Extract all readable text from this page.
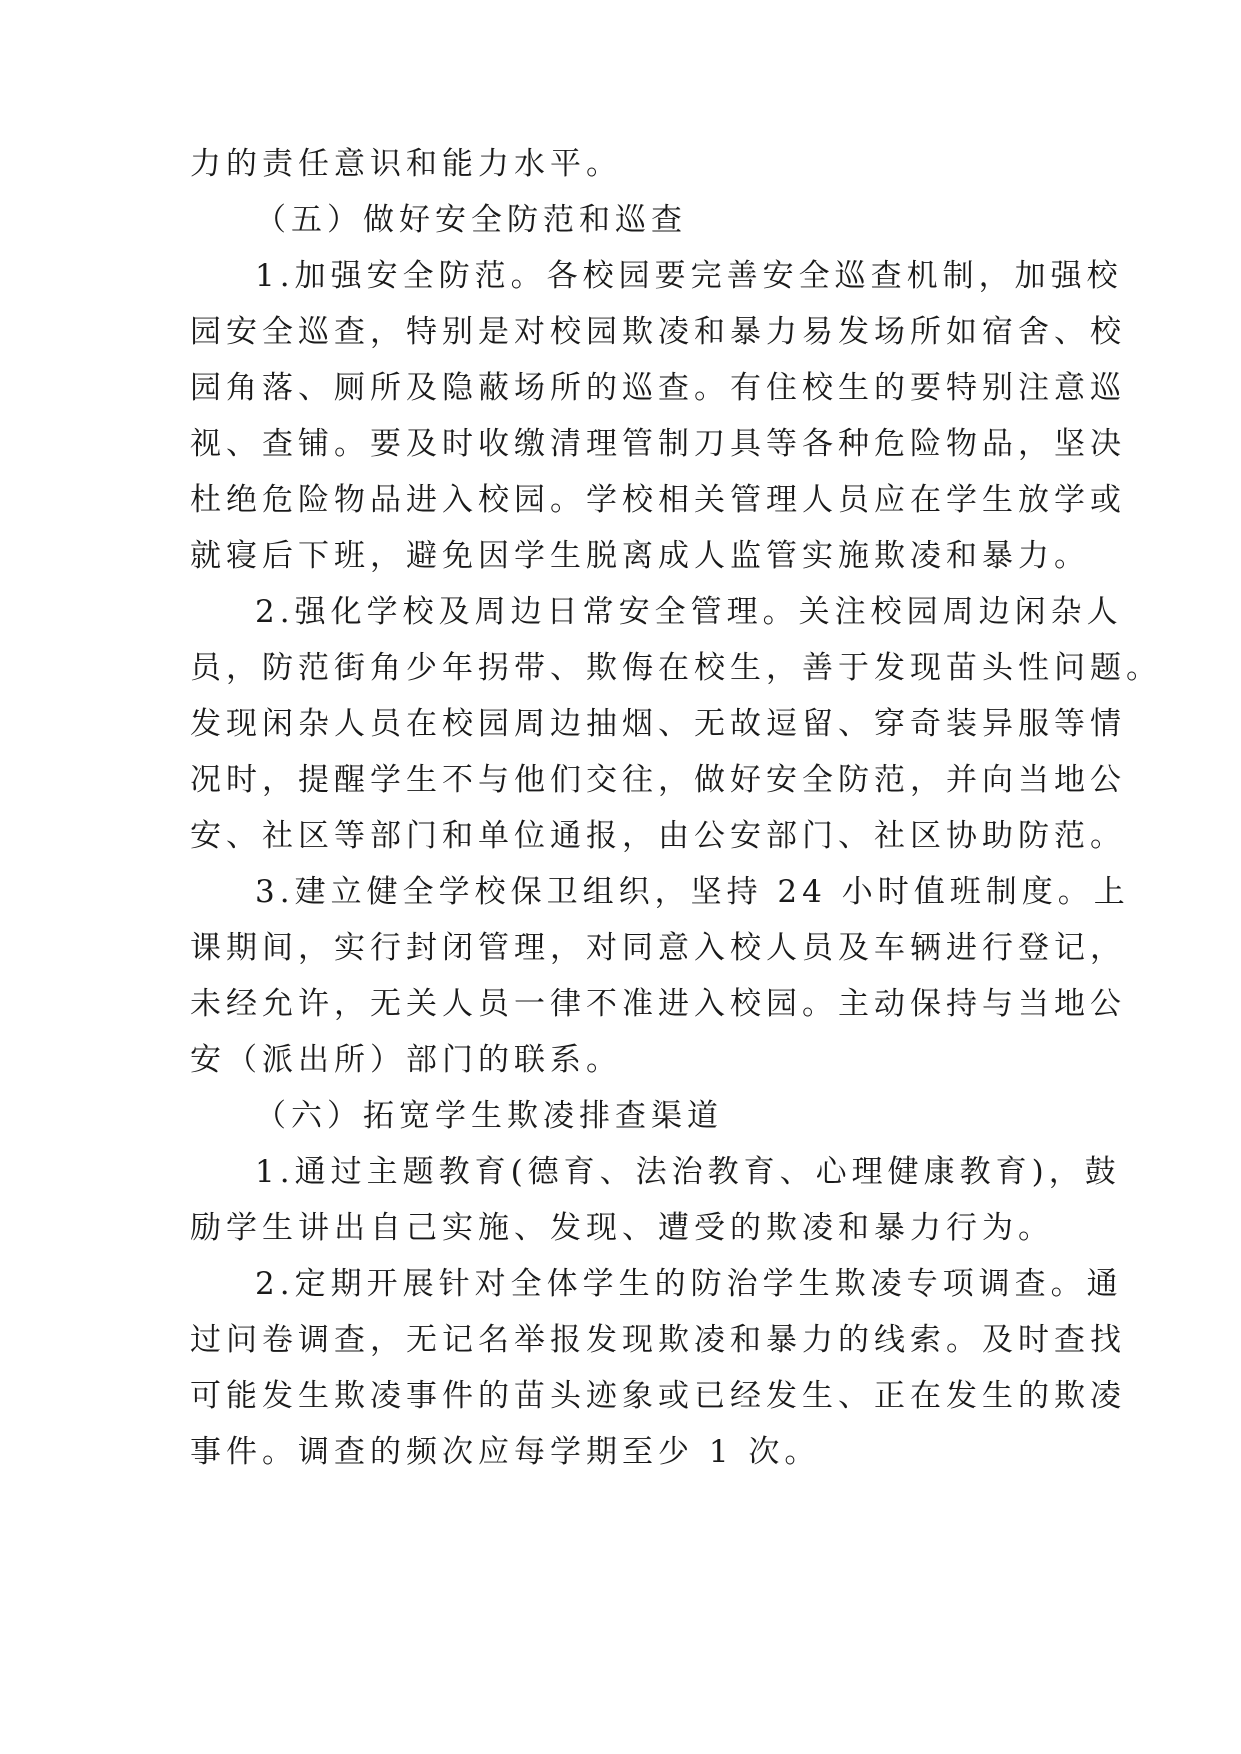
力的责任意识和能力水平。
（五）做好安全防范和巡查
1.加强安全防范。各校园要完善安全巡查机制，加强校
园安全巡查，特别是对校园欺凌和暴力易发场所如宿舍、校
园角落、厕所及隐蔽场所的巡查。有住校生的要特别注意巡
视、查铺。要及时收缴清理管制刀具等各种危险物品，坚决
杜绝危险物品进入校园。学校相关管理人员应在学生放学或
就寝后下班，避免因学生脱离成人监管实施欺凌和暴力。
2.强化学校及周边日常安全管理。关注校园周边闲杂人
员，防范街角少年拐带、欺侮在校生，善于发现苗头性问题。
发现闲杂人员在校园周边抽烟、无故逗留、穿奇装异服等情
况时，提醒学生不与他们交往，做好安全防范，并向当地公
安、社区等部门和单位通报，由公安部门、社区协助防范。
3.建立健全学校保卫组织，坚持 24 小时值班制度。上
课期间，实行封闭管理，对同意入校人员及车辆进行登记，
未经允许，无关人员一律不准进入校园。主动保持与当地公
安（派出所）部门的联系。
（六）拓宽学生欺凌排查渠道
1.通过主题教育(德育、法治教育、心理健康教育)，鼓
励学生讲出自己实施、发现、遭受的欺凌和暴力行为。
2.定期开展针对全体学生的防治学生欺凌专项调查。通
过问卷调查，无记名举报发现欺凌和暴力的线索。及时查找
可能发生欺凌事件的苗头迹象或已经发生、正在发生的欺凌
事件。调查的频次应每学期至少 1 次。
